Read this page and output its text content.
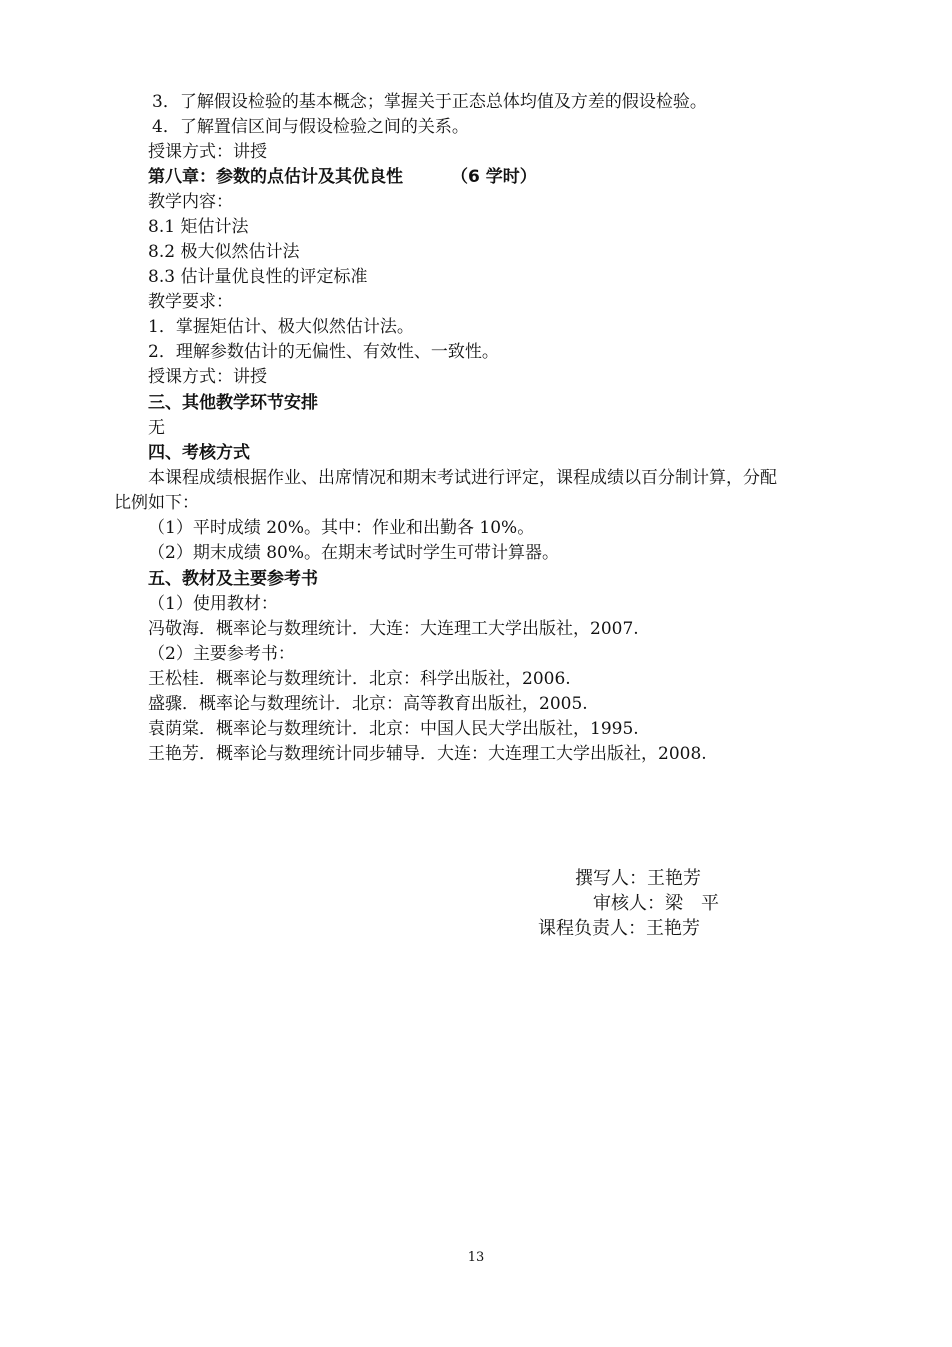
3．了解假设检验的基本概念；掌握关于正态总体均值及方差的假设检验。
4．了解置信区间与假设检验之间的关系。
授课方式：讲授
第八章：参数的点估计及其优良性	（6 学时）
教学内容：
8.1 矩估计法
8.2 极大似然估计法
8.3 估计量优良性的评定标准
教学要求：
1．掌握矩估计、极大似然估计法。
2．理解参数估计的无偏性、有效性、一致性。
授课方式：讲授
三、其他教学环节安排
无
四、考核方式
本课程成绩根据作业、出席情况和期末考试进行评定，课程成绩以百分制计算，分配
比例如下：
（1）平时成绩 20%。其中：作业和出勤各 10%。
（2）期末成绩 80%。在期末考试时学生可带计算器。
五、教材及主要参考书
（1）使用教材：
冯敬海．概率论与数理统计．大连：大连理工大学出版社，2007.
（2）主要参考书：
王松桂．概率论与数理统计．北京：科学出版社，2006.
盛骤．概率论与数理统计．北京：高等教育出版社，2005.
袁荫棠．概率论与数理统计．北京：中国人民大学出版社，1995.
王艳芳．概率论与数理统计同步辅导．大连：大连理工大学出版社，2008.
撰写人：王艳芳
审核人：梁　平
课程负责人：王艳芳
13
